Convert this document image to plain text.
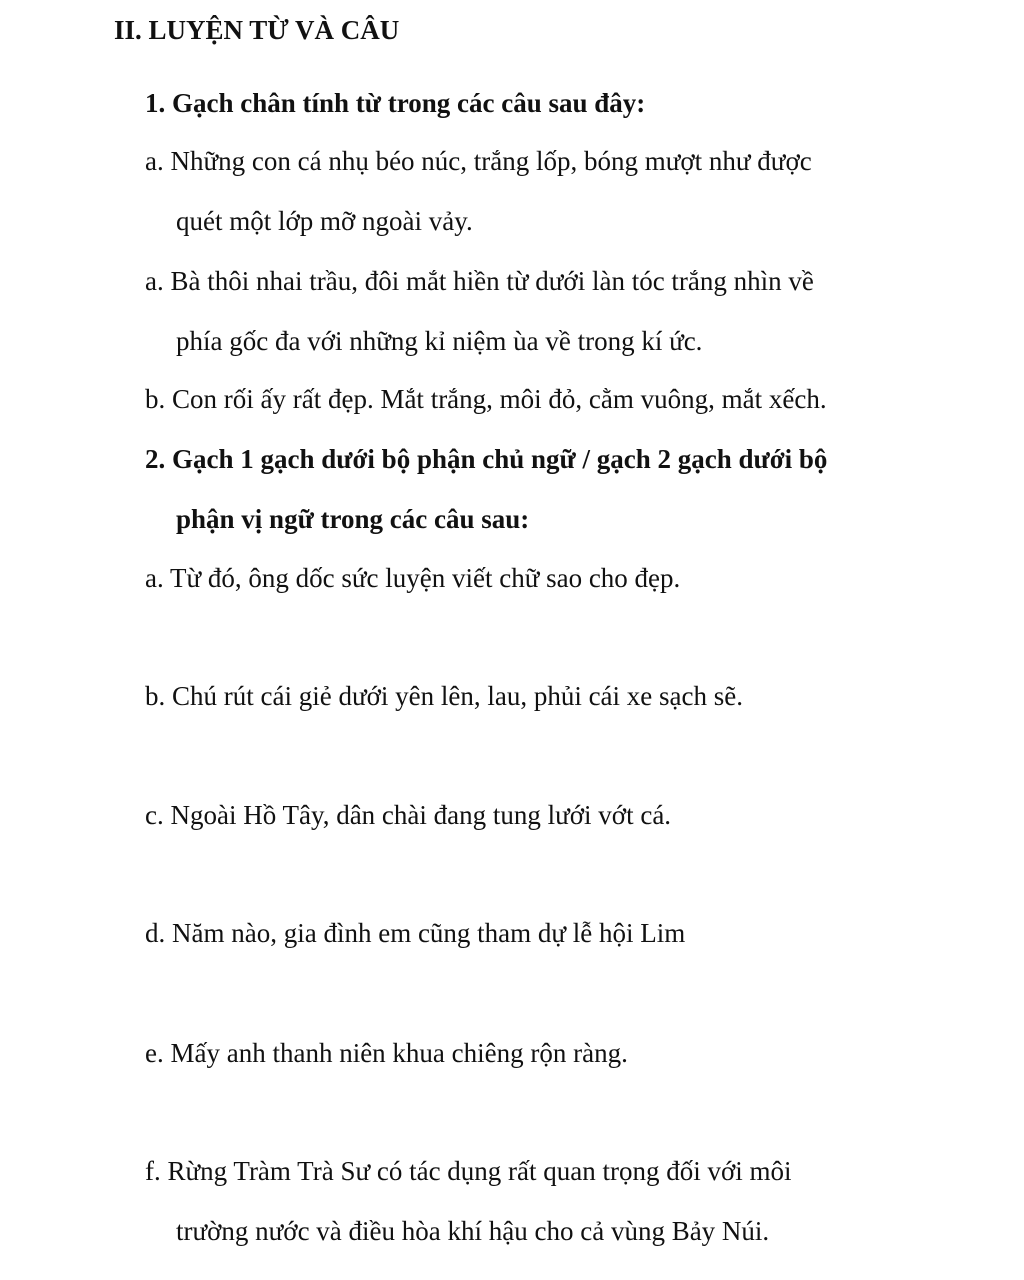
II. LUYỆN TỪ VÀ CÂU
1. Gạch chân tính từ trong các câu sau đây:
a. Những con cá nhụ béo núc, trắng lốp, bóng mượt như được
quét một lớp mỡ ngoài vảy.
a. Bà thôi nhai trầu, đôi mắt hiền từ dưới làn tóc trắng nhìn về
phía gốc đa với những kỉ niệm ùa về trong kí ức.
b. Con rối ấy rất đẹp. Mắt trắng, môi đỏ, cằm vuông, mắt xếch.
2. Gạch 1 gạch dưới bộ phận chủ ngữ / gạch 2 gạch dưới bộ
phận vị ngữ trong các câu sau:
a. Từ đó, ông dốc sức luyện viết chữ sao cho đẹp.
b. Chú rút cái giẻ dưới yên lên, lau, phủi cái xe sạch sẽ.
c. Ngoài Hồ Tây, dân chài đang tung lưới vớt cá.
d. Năm nào, gia đình em cũng tham dự lễ hội Lim
e. Mấy anh thanh niên khua chiêng rộn ràng.
f. Rừng Tràm Trà Sư có tác dụng rất quan trọng đối với môi
trường nước và điều hòa khí hậu cho cả vùng Bảy Núi.
